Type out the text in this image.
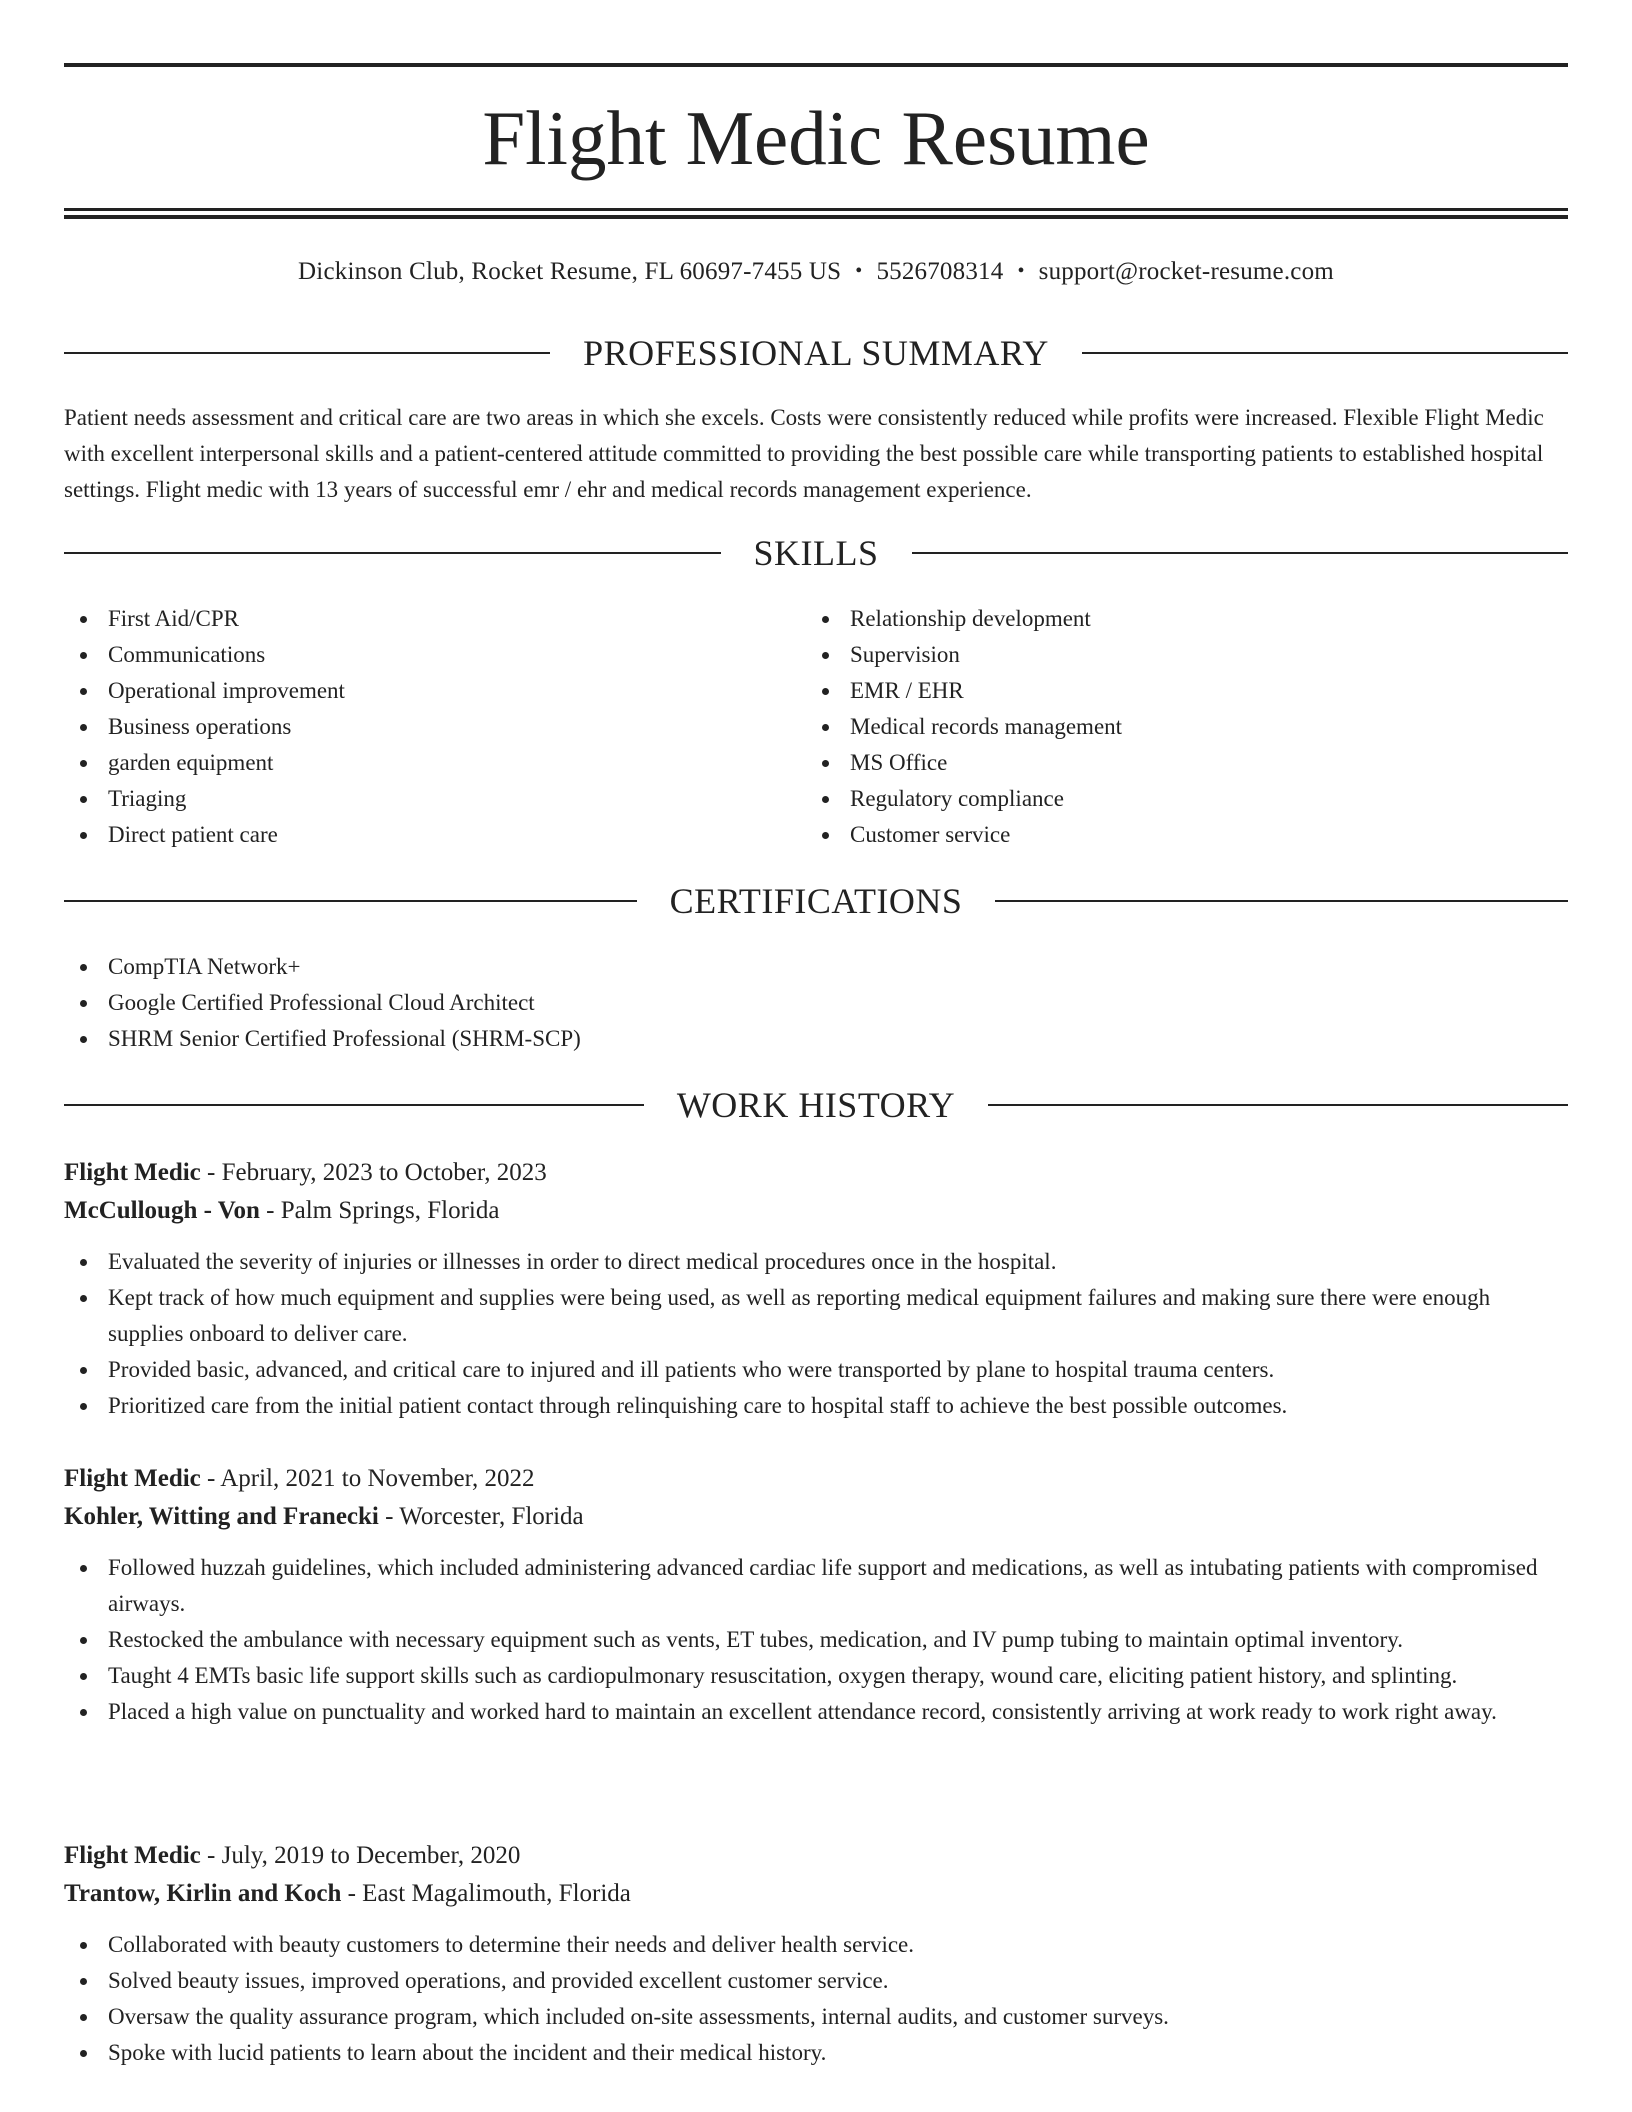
Flight Medic Resume
Dickinson Club, Rocket Resume, FL 60697-7455 US • 5526708314 • support@rocket-resume.com
PROFESSIONAL SUMMARY

Patient needs assessment and critical care are two areas in which she excels. Costs were consistently reduced while profits were increased. Flexible Flight Medic with excellent interpersonal skills and a patient-centered attitude committed to providing the best possible care while transporting patients to established hospital settings. Flight medic with 13 years of successful emr / ehr and medical records management experience.

SKILLS
First Aid/CPR
Communications
Operational improvement
Business operations
garden equipment
Triaging
Direct patient care
Relationship development
Supervision
EMR / EHR
Medical records management
MS Office
Regulatory compliance
Customer service
CERTIFICATIONS
CompTIA Network+
Google Certified Professional Cloud Architect
SHRM Senior Certified Professional (SHRM-SCP)
WORK HISTORY
Flight Medic - February, 2023 to October, 2023
McCullough - Von - Palm Springs, Florida
Evaluated the severity of injuries or illnesses in order to direct medical procedures once in the hospital.
Kept track of how much equipment and supplies were being used, as well as reporting medical equipment failures and making sure there were enough supplies onboard to deliver care.
Provided basic, advanced, and critical care to injured and ill patients who were transported by plane to hospital trauma centers.
Prioritized care from the initial patient contact through relinquishing care to hospital staff to achieve the best possible outcomes.
Flight Medic - April, 2021 to November, 2022
Kohler, Witting and Franecki - Worcester, Florida
Followed huzzah guidelines, which included administering advanced cardiac life support and medications, as well as intubating patients with compromised airways.
Restocked the ambulance with necessary equipment such as vents, ET tubes, medication, and IV pump tubing to maintain optimal inventory.
Taught 4 EMTs basic life support skills such as cardiopulmonary resuscitation, oxygen therapy, wound care, eliciting patient history, and splinting.
Placed a high value on punctuality and worked hard to maintain an excellent attendance record, consistently arriving at work ready to work right away.
Flight Medic - July, 2019 to December, 2020
Trantow, Kirlin and Koch - East Magalimouth, Florida
Collaborated with beauty customers to determine their needs and deliver health service.
Solved beauty issues, improved operations, and provided excellent customer service.
Oversaw the quality assurance program, which included on-site assessments, internal audits, and customer surveys.
Spoke with lucid patients to learn about the incident and their medical history.
